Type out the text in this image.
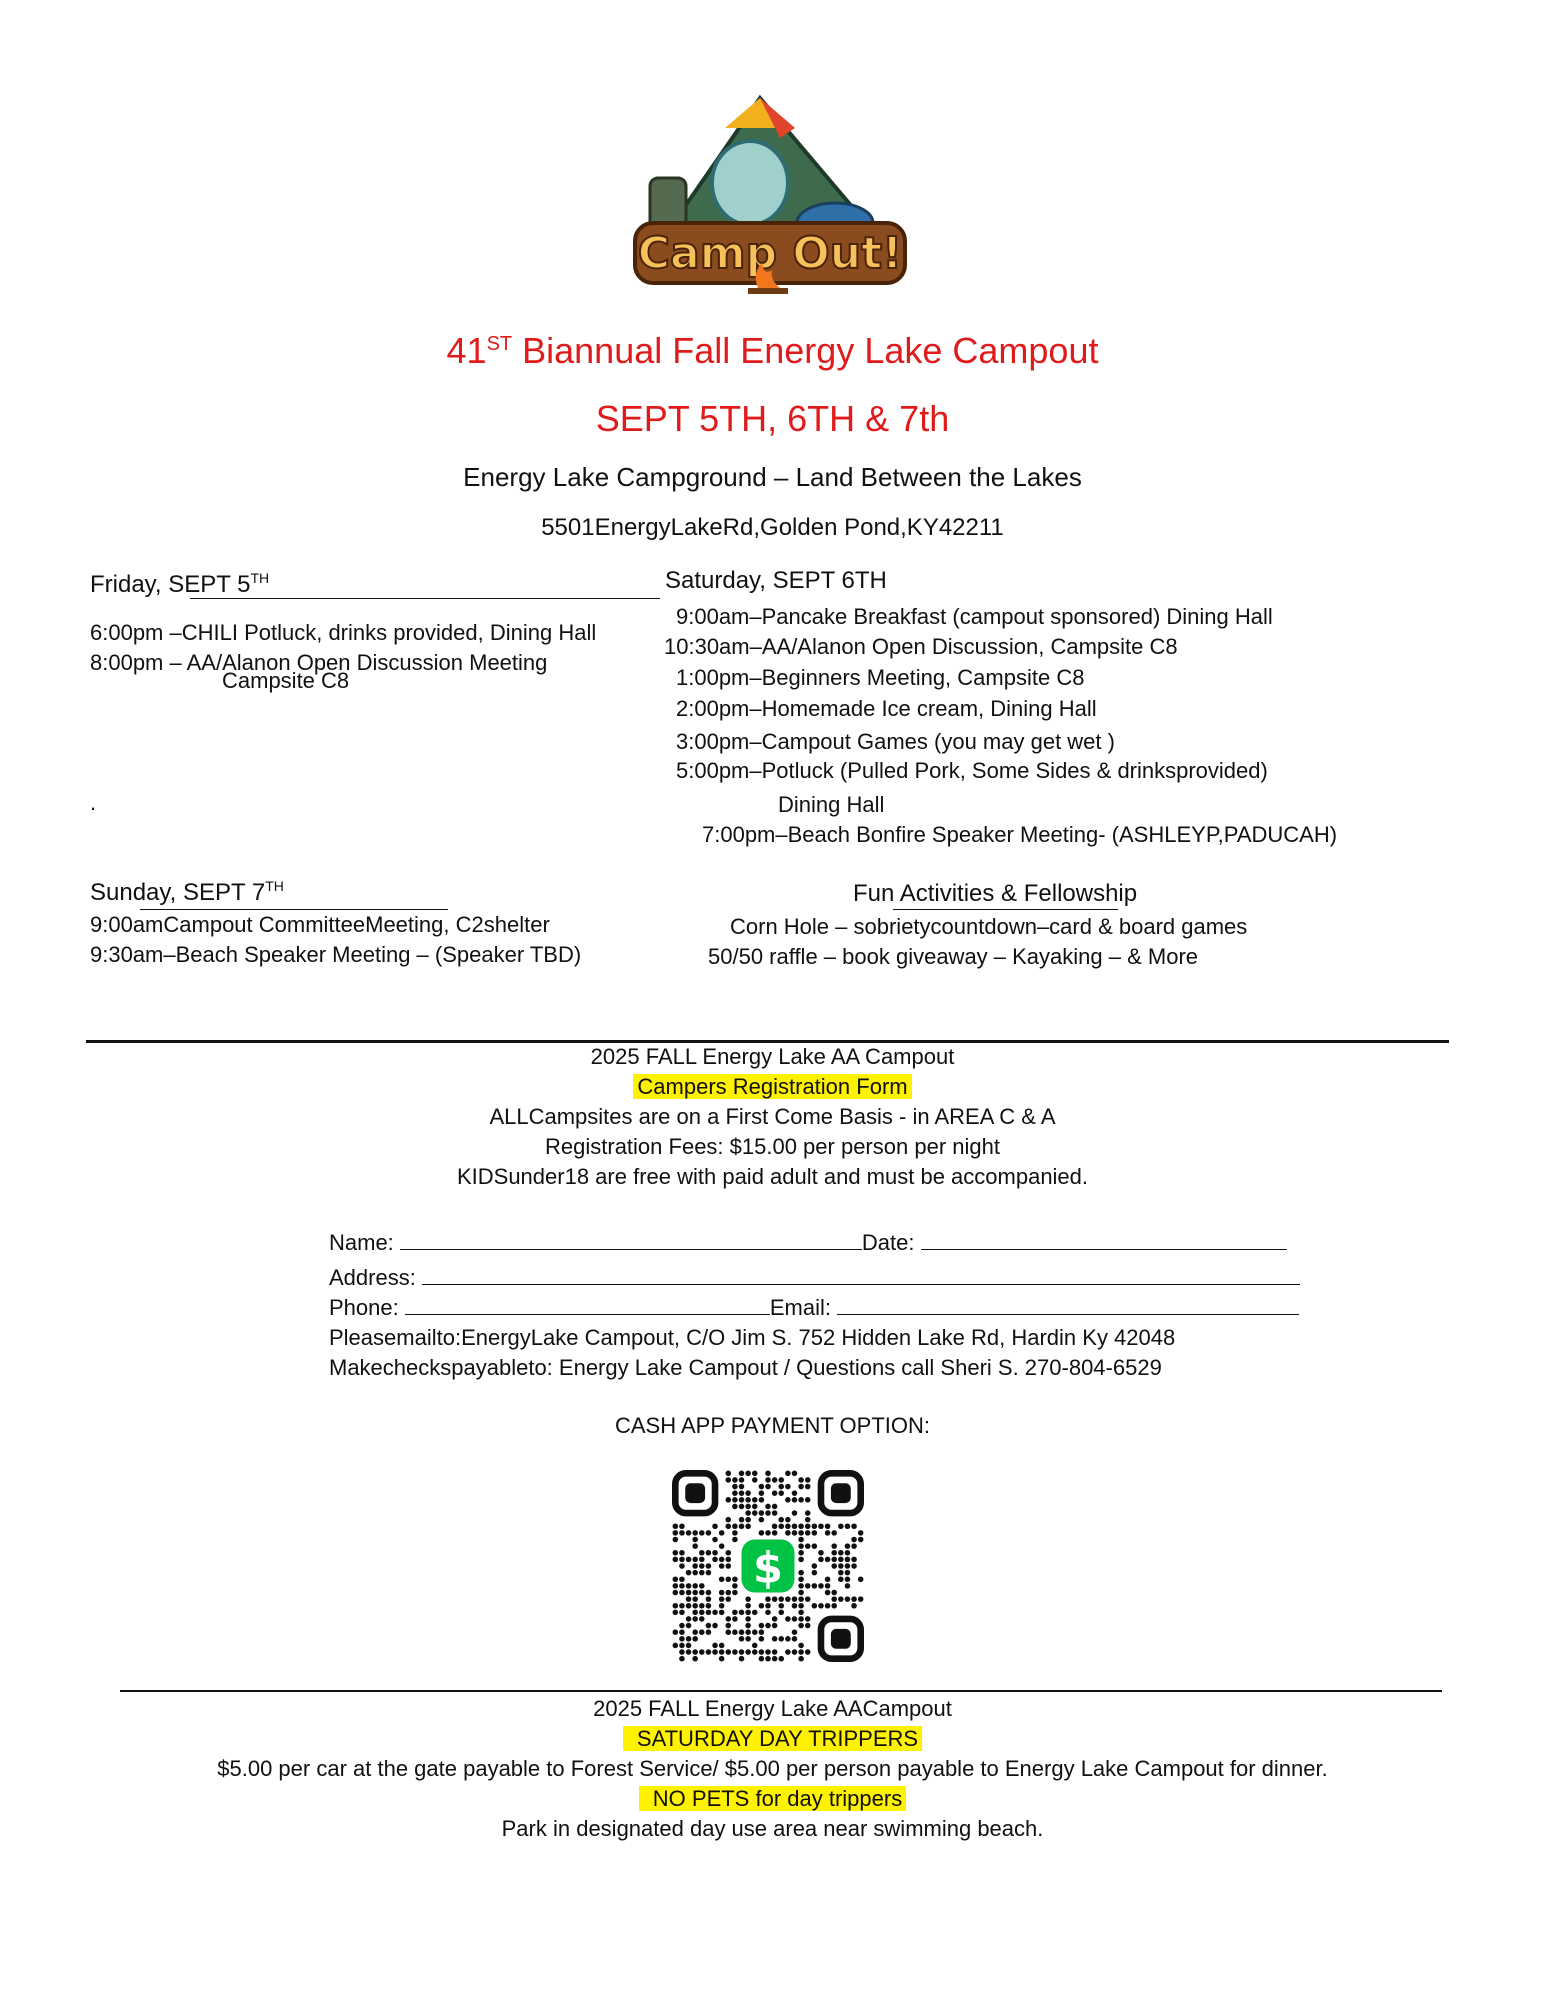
Camp Out!
41ST Biannual Fall Energy Lake Campout
SEPT 5TH, 6TH & 7th
Energy Lake Campground – Land Between the Lakes
5501EnergyLakeRd,Golden Pond,KY42211
Friday, SEPT 5TH
6:00pm –CHILI Potluck, drinks provided, Dining Hall
8:00pm – AA/Alanon Open Discussion Meeting
Campsite C8
.
Saturday, SEPT 6TH
9:00am–Pancake Breakfast (campout sponsored) Dining Hall
10:30am–AA/Alanon Open Discussion, Campsite C8
1:00pm–Beginners Meeting, Campsite C8
2:00pm–Homemade Ice cream, Dining Hall
3:00pm–Campout Games (you may get wet )
5:00pm–Potluck (Pulled Pork, Some Sides & drinksprovided)
Dining Hall
7:00pm–Beach Bonfire Speaker Meeting- (ASHLEYP,PADUCAH)
Sunday, SEPT 7TH
9:00amCampout CommitteeMeeting, C2shelter
9:30am–Beach Speaker Meeting – (Speaker TBD)
Fun Activities & Fellowship
Corn Hole – sobrietycountdown–card & board games
50/50 raffle – book giveaway – Kayaking – & More
2025 FALL Energy Lake AA Campout
Campers Registration Form
ALLCampsites are on a First Come Basis - in AREA C & A
Registration Fees: $15.00 per person per night
KIDSunder18 are free with paid adult and must be accompanied.
Name:	Date:
Address:
Phone:	Email:
Pleasemailto:EnergyLake Campout, C/O Jim S. 752 Hidden Lake Rd, Hardin Ky 42048
Makecheckspayableto: Energy Lake Campout / Questions call Sheri S. 270-804-6529
CASH APP PAYMENT OPTION:
$
2025 FALL Energy Lake AACampout
SATURDAY DAY TRIPPERS
$5.00 per car at the gate payable to Forest Service/ $5.00 per person payable to Energy Lake Campout for dinner.
NO PETS for day trippers
Park in designated day use area near swimming beach.
